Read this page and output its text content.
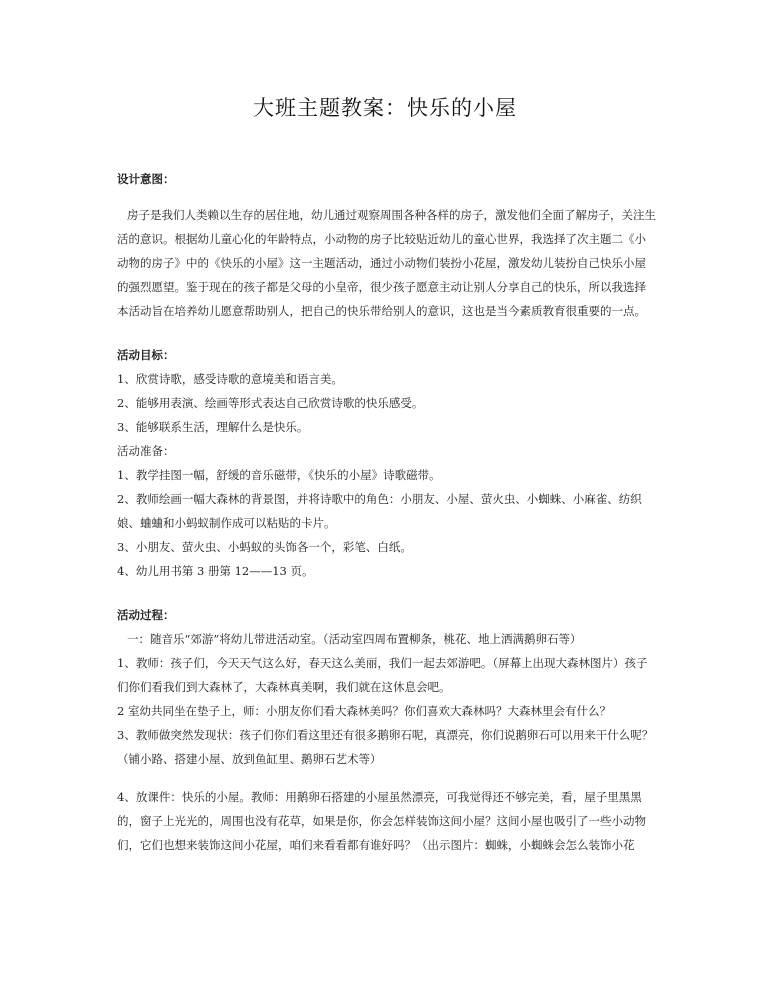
大班主题教案：快乐的小屋

设计意图：

房子是我们人类赖以生存的居住地，幼儿通过观察周围各种各样的房子，激发他们全面了解房子，关注生活的意识。根据幼儿童心化的年龄特点，小动物的房子比较贴近幼儿的童心世界，我选择了次主题二《小动物的房子》中的《快乐的小屋》这一主题活动，通过小动物们装扮小花屋，激发幼儿装扮自己快乐小屋的强烈愿望。鉴于现在的孩子都是父母的小皇帝，很少孩子愿意主动让别人分享自己的快乐，所以我选择本活动旨在培养幼儿愿意帮助别人，把自己的快乐带给别人的意识，这也是当今素质教育很重要的一点。

活动目标：

1、欣赏诗歌，感受诗歌的意境美和语言美。

2、能够用表演、绘画等形式表达自己欣赏诗歌的快乐感受。

3、能够联系生活，理解什么是快乐。

活动准备：

1、教学挂图一幅，舒缓的音乐磁带，《快乐的小屋》诗歌磁带。

2、教师绘画一幅大森林的背景图，并将诗歌中的角色：小朋友、小屋、萤火虫、小蜘蛛、小麻雀、纺织娘、蛐蛐和小蚂蚁制作成可以粘贴的卡片。

3、小朋友、萤火虫、小蚂蚁的头饰各一个，彩笔、白纸。

4、幼儿用书第 3 册第 12——13 页。

活动过程：

一：随音乐“郊游”将幼儿带进活动室。（活动室四周布置柳条，桃花、地上洒满鹅卵石等）

1、教师：孩子们，今天天气这么好，春天这么美丽，我们一起去郊游吧。（屏幕上出现大森林图片）孩子们你们看我们到大森林了，大森林真美啊，我们就在这休息会吧。

2 室幼共同坐在垫子上，师：小朋友你们看大森林美吗？你们喜欢大森林吗？大森林里会有什么？

3、教师做突然发现状：孩子们你们看这里还有很多鹅卵石呢，真漂亮，你们说鹅卵石可以用来干什么呢？（铺小路、搭建小屋、放到鱼缸里、鹅卵石艺术等）

4、放课件：快乐的小屋。教师：用鹅卵石搭建的小屋虽然漂亮，可我觉得还不够完美，看，屋子里黑黑的，窗子上光光的，周围也没有花草，如果是你，你会怎样装饰这间小屋？这间小屋也吸引了一些小动物们，它们也想来装饰这间小花屋，咱们来看看都有谁好吗？（出示图片：蜘蛛，小蜘蛛会怎么装饰小花
